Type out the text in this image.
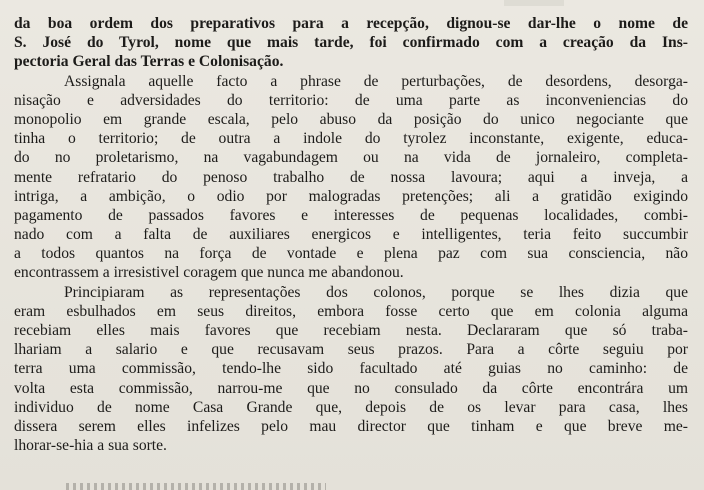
da boa ordem dos preparativos para a recepção, dignou-se dar-lhe o nome de
S. José do Tyrol, nome que mais tarde, foi confirmado com a creação da Ins-
pectoria Geral das Terras e Colonisação.
Assignala aquelle facto a phrase de perturbações, de desordens, desorga-
nisação e adversidades do territorio: de uma parte as inconveniencias do
monopolio em grande escala, pelo abuso da posição do unico negociante que
tinha o territorio; de outra a indole do tyrolez inconstante, exigente, educa-
do no proletarismo, na vagabundagem ou na vida de jornaleiro, completa-
mente refratario do penoso trabalho de nossa lavoura; aqui a inveja, a
intriga, a ambição, o odio por malogradas pretenções; ali a gratidão exigindo
pagamento de passados favores e interesses de pequenas localidades, combi-
nado com a falta de auxiliares energicos e intelligentes, teria feito succumbir
a todos quantos na força de vontade e plena paz com sua consciencia, não
encontrassem a irresistivel coragem que nunca me abandonou.
Principiaram as representações dos colonos, porque se lhes dizia que
eram esbulhados em seus direitos, embora fosse certo que em colonia alguma
recebiam elles mais favores que recebiam nesta. Declararam que só traba-
lhariam a salario e que recusavam seus prazos. Para a côrte seguiu por
terra uma commissão, tendo-lhe sido facultado até guias no caminho: de
volta esta commissão, narrou-me que no consulado da côrte encontrára um
individuo de nome Casa Grande que, depois de os levar para casa, lhes
dissera serem elles infelizes pelo mau director que tinham e que breve me-
lhorar-se-hia a sua sorte.
